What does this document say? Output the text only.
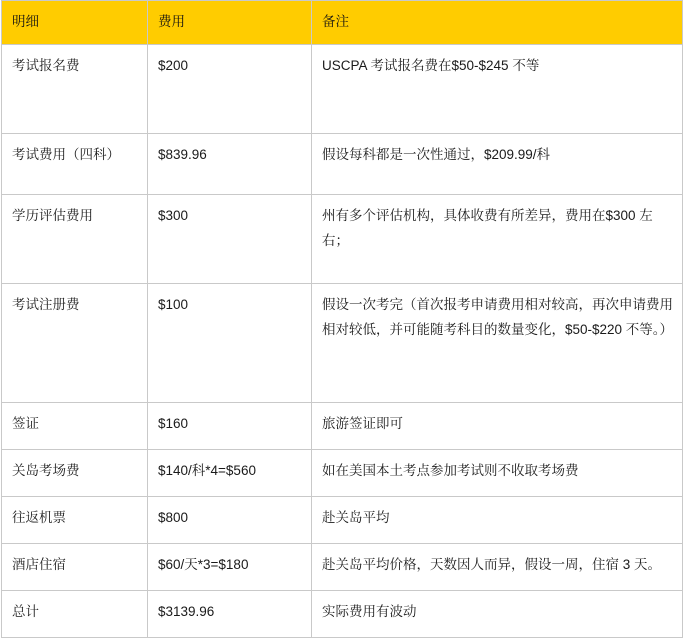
明细	费用	备注
考试报名费	$200	USCPA 考试报名费在$50-$245 不等
考试费用（四科）	$839.96	假设每科都是一次性通过，$209.99/科
学历评估费用	$300	州有多个评估机构，具体收费有所差异，费用在$300 左右；
考试注册费	$100	假设一次考完（首次报考申请费用相对较高，再次申请费用相对较低，并可能随考科目的数量变化，$50-$220 不等。）
签证	$160	旅游签证即可
关岛考场费	$140/科*4=$560	如在美国本土考点参加考试则不收取考场费
往返机票	$800	赴关岛平均
酒店住宿	$60/天*3=$180	赴关岛平均价格，天数因人而异，假设一周，住宿 3 天。
总计	$3139.96	实际费用有波动
